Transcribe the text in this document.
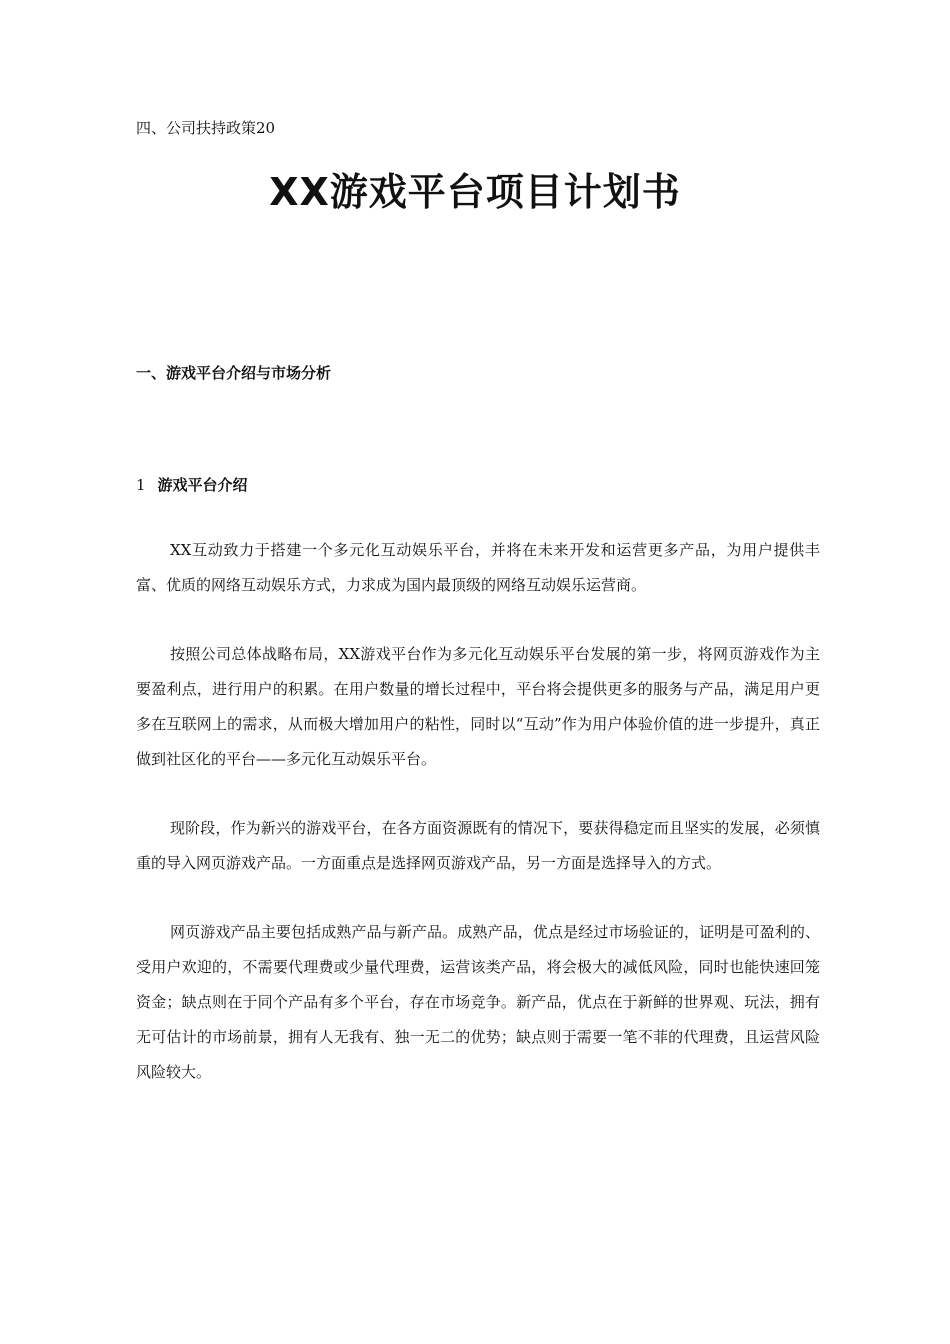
四、公司扶持政策20
XX游戏平台项目计划书
一、游戏平台介绍与市场分析
1 游戏平台介绍

XX互动致力于搭建一个多元化互动娱乐平台，并将在未来开发和运营更多产品，为用户提供丰富、优质的网络互动娱乐方式，力求成为国内最顶级的网络互动娱乐运营商。

按照公司总体战略布局，XX游戏平台作为多元化互动娱乐平台发展的第一步，将网页游戏作为主要盈利点，进行用户的积累。在用户数量的增长过程中，平台将会提供更多的服务与产品，满足用户更多在互联网上的需求，从而极大增加用户的粘性，同时以“互动”作为用户体验价值的进一步提升，真正做到社区化的平台——多元化互动娱乐平台。

现阶段，作为新兴的游戏平台，在各方面资源既有的情况下，要获得稳定而且坚实的发展，必须慎重的导入网页游戏产品。一方面重点是选择网页游戏产品，另一方面是选择导入的方式。

网页游戏产品主要包括成熟产品与新产品。成熟产品，优点是经过市场验证的，证明是可盈利的、受用户欢迎的，不需要代理费或少量代理费，运营该类产品，将会极大的减低风险，同时也能快速回笼资金；缺点则在于同个产品有多个平台，存在市场竞争。新产品，优点在于新鲜的世界观、玩法，拥有无可估计的市场前景，拥有人无我有、独一无二的优势；缺点则于需要一笔不菲的代理费，且运营风险风险较大。
